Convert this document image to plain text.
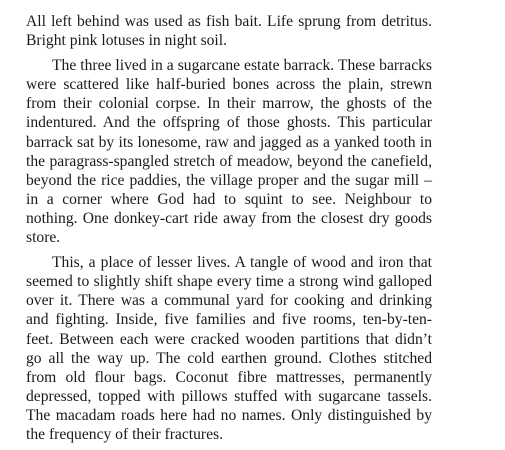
All left behind was used as fish bait. Life sprung from detritus. Bright pink lotuses in night soil.

The three lived in a sugarcane estate barrack. These barracks were scattered like half-buried bones across the plain, strewn from their colonial corpse. In their marrow, the ghosts of the indentured. And the offspring of those ghosts. This particular barrack sat by its lonesome, raw and jagged as a yanked tooth in the paragrass-spangled stretch of meadow, beyond the canefield, beyond the rice paddies, the village proper and the sugar mill – in a corner where God had to squint to see. Neighbour to nothing. One donkey-cart ride away from the closest dry goods store.

This, a place of lesser lives. A tangle of wood and iron that seemed to slightly shift shape every time a strong wind galloped over it. There was a communal yard for cooking and drinking and fighting. Inside, five families and five rooms, ten-by-ten-feet. Between each were cracked wooden partitions that didn’t go all the way up. The cold earthen ground. Clothes stitched from old flour bags. Coconut fibre mattresses, permanently depressed, topped with pillows stuffed with sugarcane tassels. The macadam roads here had no names. Only distinguished by the frequency of their fractures.
